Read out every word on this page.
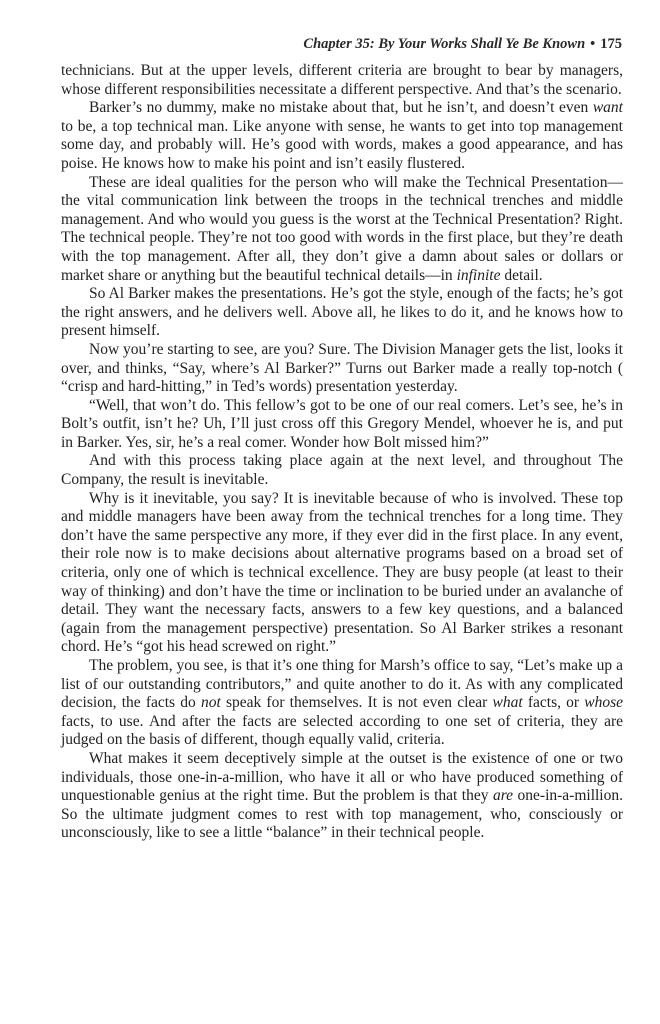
Chapter 35: By Your Works Shall Ye Be Known • 175

technicians. But at the upper levels, different criteria are brought to bear by managers, whose different responsibilities necessitate a different perspective. And that’s the scenario.

Barker’s no dummy, make no mistake about that, but he isn’t, and doesn’t even want to be, a top technical man. Like anyone with sense, he wants to get into top management some day, and probably will. He’s good with words, makes a good appearance, and has poise. He knows how to make his point and isn’t easily flustered.

These are ideal qualities for the person who will make the Technical Presentation—the vital communication link between the troops in the technical trenches and middle management. And who would you guess is the worst at the Technical Presentation? Right. The technical people. They’re not too good with words in the first place, but they’re death with the top management. After all, they don’t give a damn about sales or dollars or market share or anything but the beautiful technical details—in infinite detail.

So Al Barker makes the presentations. He’s got the style, enough of the facts; he’s got the right answers, and he delivers well. Above all, he likes to do it, and he knows how to present himself.

Now you’re starting to see, are you? Sure. The Division Manager gets the list, looks it over, and thinks, “Say, where’s Al Barker?” Turns out Barker made a really top-notch ( “crisp and hard-hitting,” in Ted’s words) presentation yesterday.

“Well, that won’t do. This fellow’s got to be one of our real comers. Let’s see, he’s in Bolt’s outfit, isn’t he? Uh, I’ll just cross off this Gregory Mendel, whoever he is, and put in Barker. Yes, sir, he’s a real comer. Wonder how Bolt missed him?”

And with this process taking place again at the next level, and throughout The Company, the result is inevitable.

Why is it inevitable, you say? It is inevitable because of who is involved. These top and middle managers have been away from the technical trenches for a long time. They don’t have the same perspective any more, if they ever did in the first place. In any event, their role now is to make decisions about alternative programs based on a broad set of criteria, only one of which is technical excellence. They are busy people (at least to their way of thinking) and don’t have the time or inclination to be buried under an avalanche of detail. They want the necessary facts, answers to a few key questions, and a balanced (again from the management perspective) presentation. So Al Barker strikes a resonant chord. He’s “got his head screwed on right.”

The problem, you see, is that it’s one thing for Marsh’s office to say, “Let’s make up a list of our outstanding contributors,” and quite another to do it. As with any complicated decision, the facts do not speak for themselves. It is not even clear what facts, or whose facts, to use. And after the facts are selected according to one set of criteria, they are judged on the basis of different, though equally valid, criteria.

What makes it seem deceptively simple at the outset is the existence of one or two individuals, those one-in-a-million, who have it all or who have produced something of unquestionable genius at the right time. But the problem is that they are one-in-a-million. So the ultimate judgment comes to rest with top management, who, consciously or unconsciously, like to see a little “balance” in their technical people.
